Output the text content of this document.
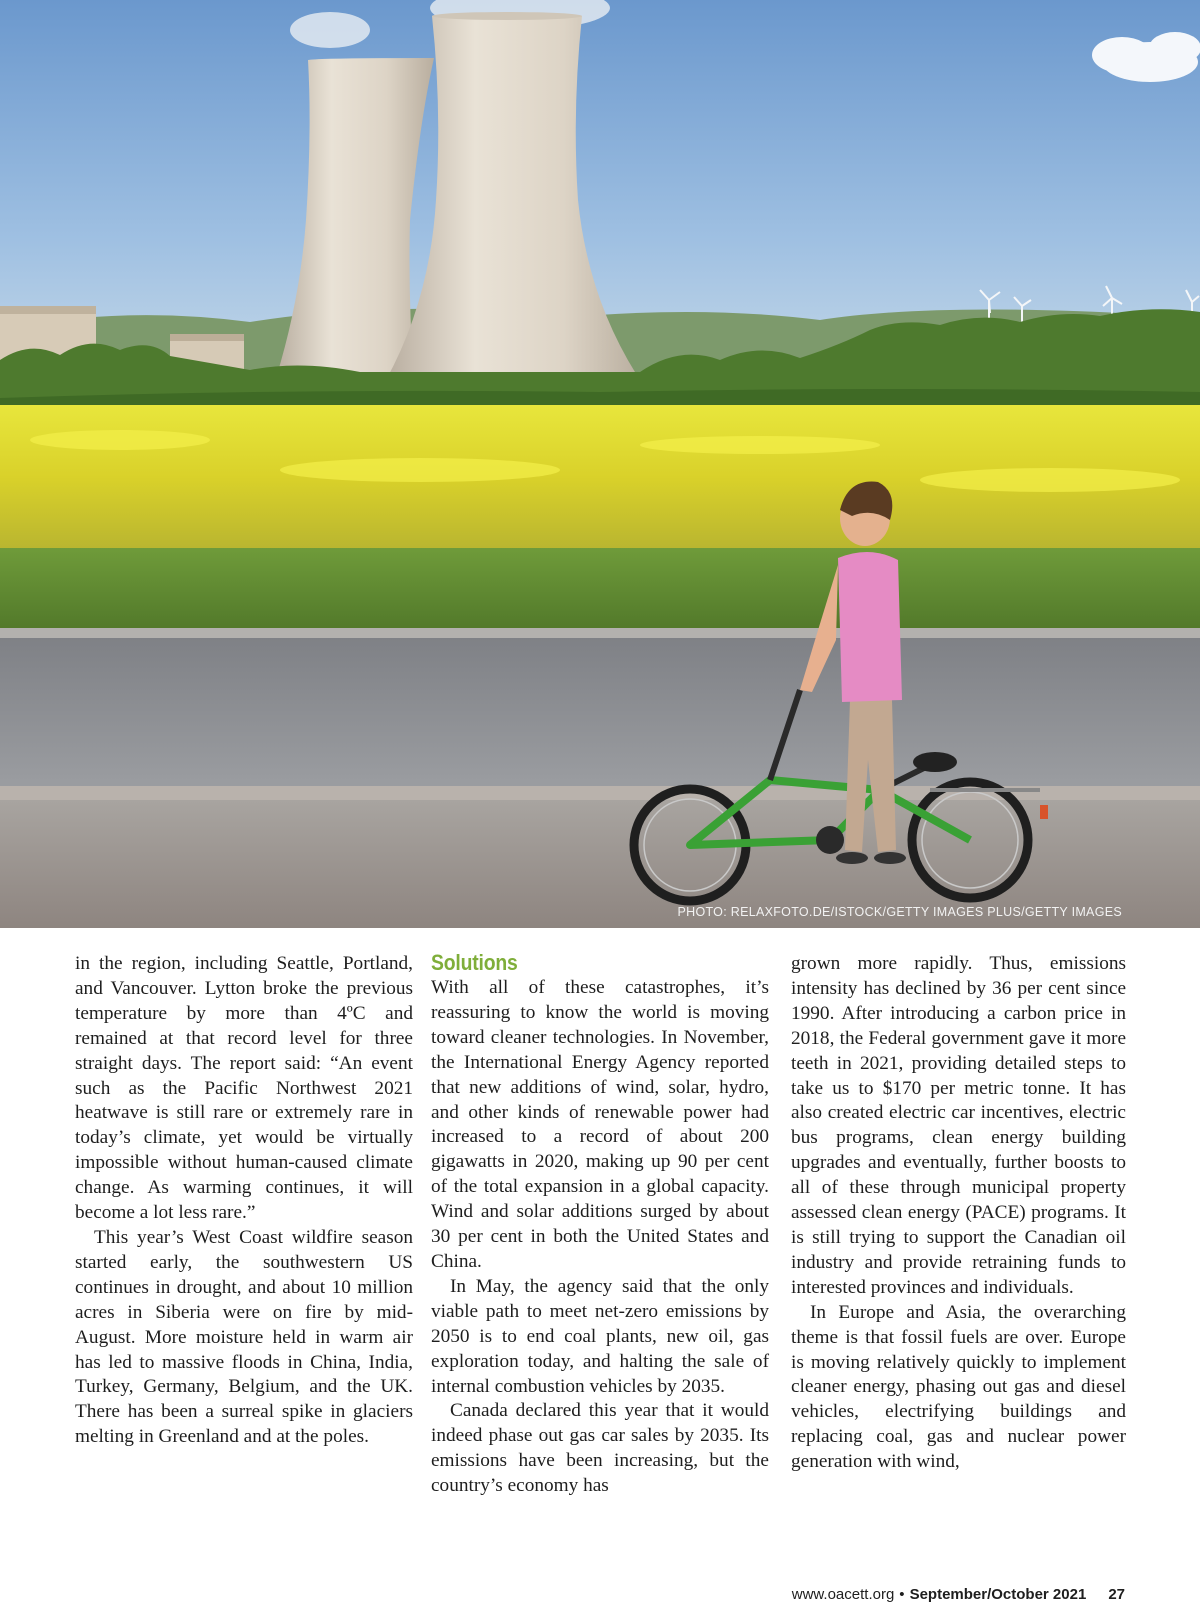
PHOTO: RELAXFOTO.DE/ISTOCK/GETTY IMAGES PLUS/GETTY IMAGES

in the region, including Seattle, Portland, and Vancouver. Lytton broke the previous temperature by more than 4ºC and remained at that record level for three straight days. The report said: “An event such as the Pacific Northwest 2021 heatwave is still rare or extremely rare in today’s climate, yet would be virtually impossible without human-caused climate change. As warming continues, it will become a lot less rare.”

This year’s West Coast wildfire season started early, the southwestern US continues in drought, and about 10 million acres in Siberia were on fire by mid-August. More moisture held in warm air has led to massive floods in China, India, Turkey, Germany, Belgium, and the UK. There has been a surreal spike in glaciers melting in Greenland and at the poles.

Solutions

With all of these catastrophes, it’s reassuring to know the world is moving toward cleaner technologies. In November, the International Energy Agency reported that new additions of wind, solar, hydro, and other kinds of renewable power had increased to a record of about 200 gigawatts in 2020, making up 90 per cent of the total expansion in a global capacity. Wind and solar additions surged by about 30 per cent in both the United States and China.

In May, the agency said that the only viable path to meet net-zero emissions by 2050 is to end coal plants, new oil, gas exploration today, and halting the sale of internal combustion vehicles by 2035.

Canada declared this year that it would indeed phase out gas car sales by 2035. Its emissions have been increasing, but the country’s economy has

grown more rapidly. Thus, emissions intensity has declined by 36 per cent since 1990. After introducing a carbon price in 2018, the Federal government gave it more teeth in 2021, providing detailed steps to take us to $170 per metric tonne. It has also created electric car incentives, electric bus programs, clean energy building upgrades and eventually, further boosts to all of these through municipal property assessed clean energy (PACE) programs. It is still trying to support the Canadian oil industry and provide retraining funds to interested provinces and individuals.

In Europe and Asia, the overarching theme is that fossil fuels are over. Europe is moving relatively quickly to implement cleaner energy, phasing out gas and diesel vehicles, electrifying buildings and replacing coal, gas and nuclear power generation with wind,

www.oacett.org • September/October 2021 27
